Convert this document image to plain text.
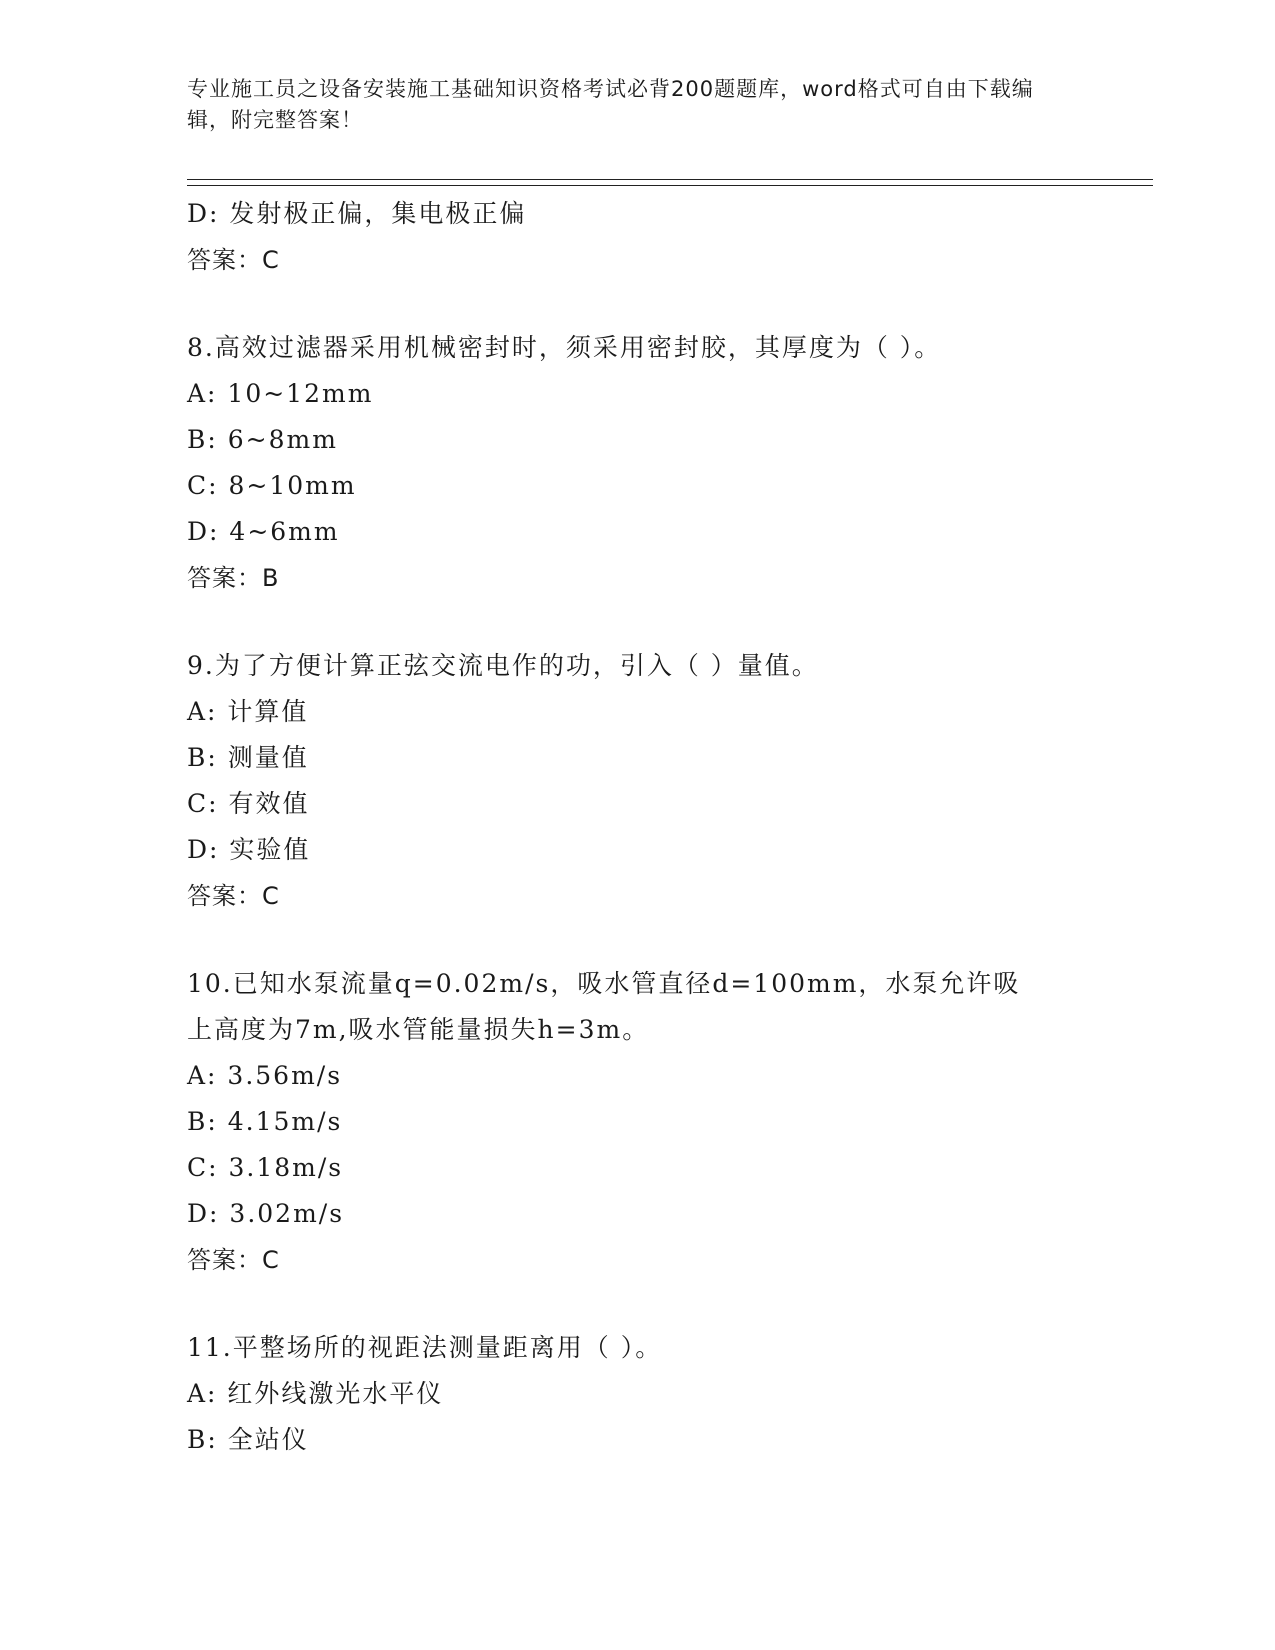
专业施工员之设备安装施工基础知识资格考试必背200题题库，word格式可自由下载编辑，附完整答案！
D: 发射极正偏，集电极正偏
答案：C
8.高效过滤器采用机械密封时，须采用密封胶，其厚度为（ ）。
A: 10~12mm
B: 6~8mm
C: 8~10mm
D: 4~6mm
答案：B
9.为了方便计算正弦交流电作的功，引入（ ）量值。
A: 计算值
B: 测量值
C: 有效值
D: 实验值
答案：C
10.已知水泵流量q=0.02m/s，吸水管直径d=100mm，水泵允许吸上高度为7m,吸水管能量损失h=3m。
A: 3.56m/s
B: 4.15m/s
C: 3.18m/s
D: 3.02m/s
答案：C
11.平整场所的视距法测量距离用（ ）。
A: 红外线激光水平仪
B: 全站仪
